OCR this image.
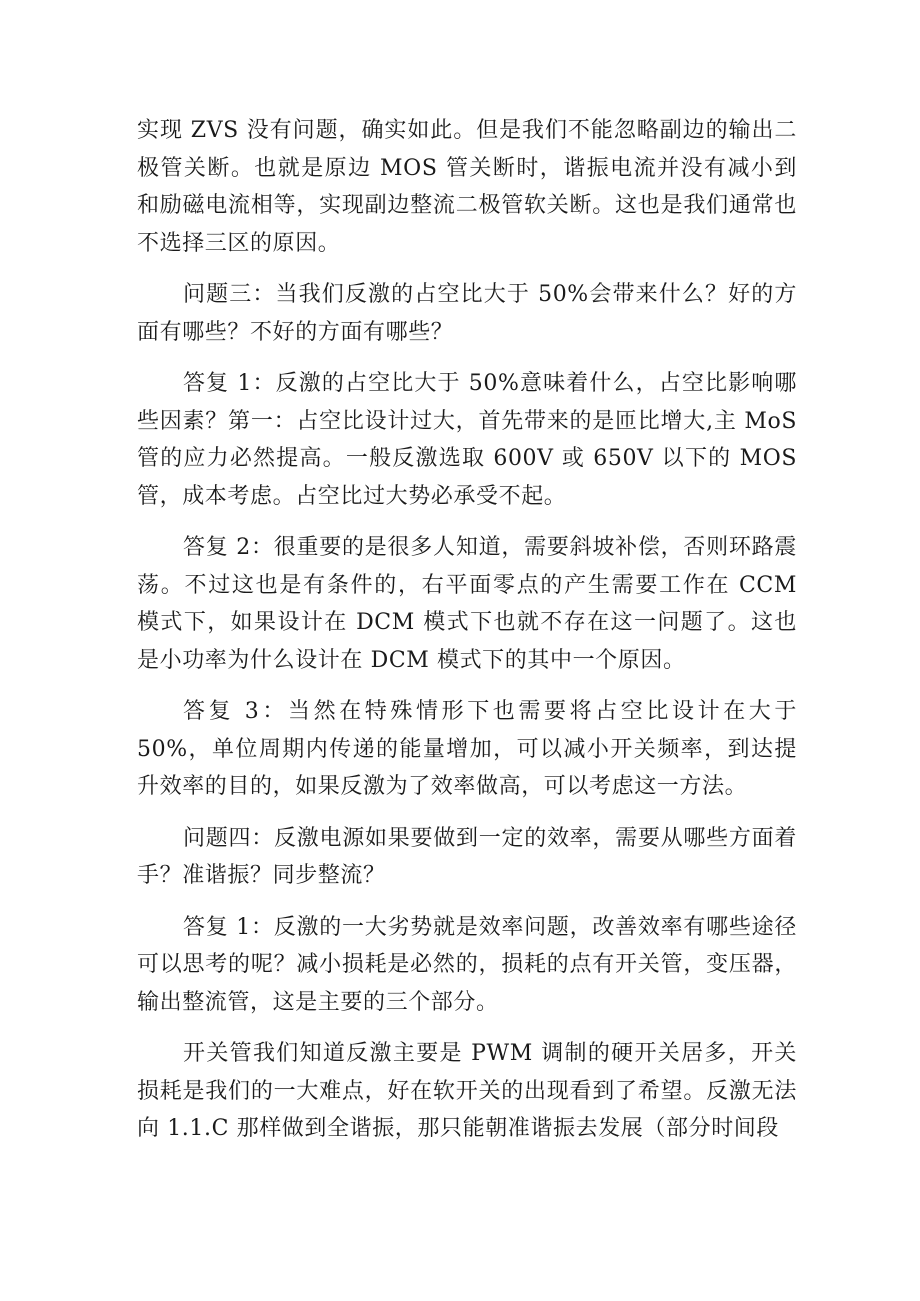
实现 ZVS 没有问题，确实如此。但是我们不能忽略副边的输出二极管关断。也就是原边 MOS 管关断时，谐振电流并没有减小到和励磁电流相等，实现副边整流二极管软关断。这也是我们通常也不选择三区的原因。

问题三：当我们反激的占空比大于 50%会带来什么？好的方面有哪些？不好的方面有哪些？

答复 1：反激的占空比大于 50%意味着什么，占空比影响哪些因素？第一：占空比设计过大，首先带来的是匝比增大,主 MoS 管的应力必然提高。一般反激选取 600V 或 650V 以下的 MOS 管，成本考虑。占空比过大势必承受不起。

答复 2：很重要的是很多人知道，需要斜坡补偿，否则环路震荡。不过这也是有条件的，右平面零点的产生需要工作在 CCM 模式下，如果设计在 DCM 模式下也就不存在这一问题了。这也是小功率为什么设计在 DCM 模式下的其中一个原因。

答复 3：当然在特殊情形下也需要将占空比设计在大于 50%，单位周期内传递的能量增加，可以减小开关频率，到达提升效率的目的，如果反激为了效率做高，可以考虑这一方法。

问题四：反激电源如果要做到一定的效率，需要从哪些方面着手？准谐振？同步整流？

答复 1：反激的一大劣势就是效率问题，改善效率有哪些途径可以思考的呢？减小损耗是必然的，损耗的点有开关管，变压器，输出整流管，这是主要的三个部分。

开关管我们知道反激主要是 PWM 调制的硬开关居多，开关损耗是我们的一大难点，好在软开关的出现看到了希望。反激无法向 1.1.C 那样做到全谐振，那只能朝准谐振去发展（部分时间段
